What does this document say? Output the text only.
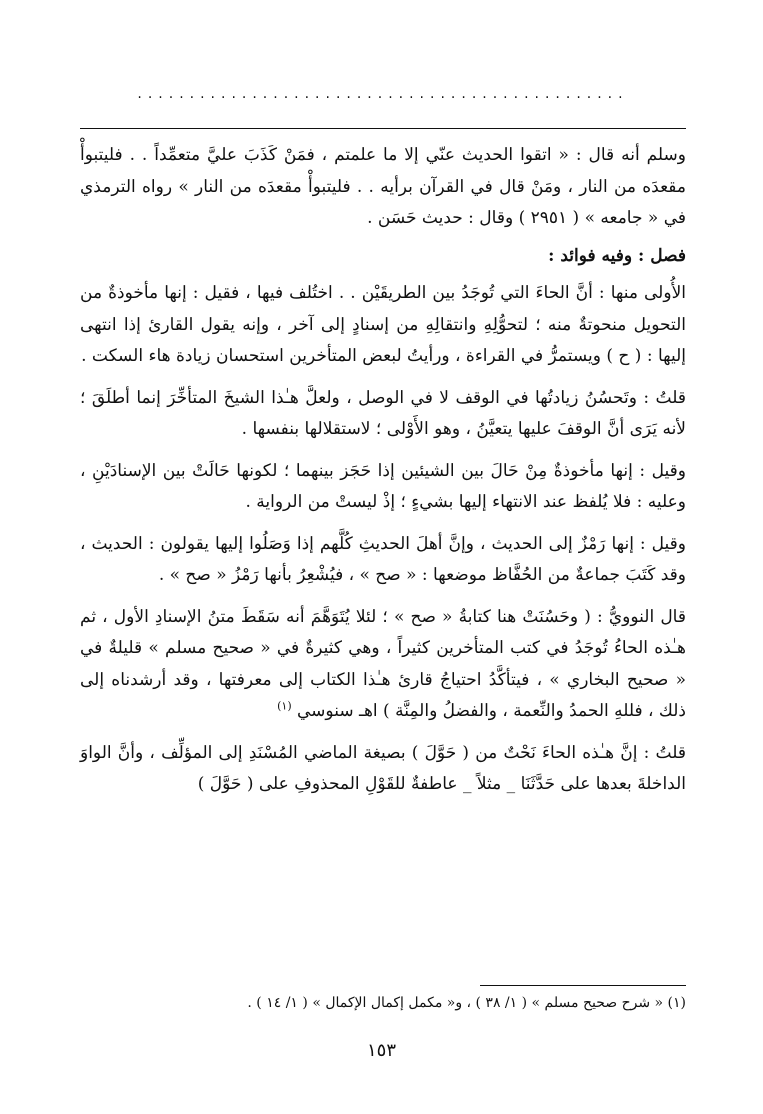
...............................................

وسلم أنه قال : « اتقوا الحديث عنّي إلا ما علمتم ، فمَنْ كَذَبَ عليَّ متعمِّداً . . فليتبوأْ مقعدَه من النار ، ومَنْ قال في القرآن برأيه . . فليتبوأْ مقعدَه من النار » رواه الترمذي في « جامعه » ( ٢٩٥١ ) وقال : حديث حَسَن .

فصل : وفيه فوائد :

الأُولى منها : أنَّ الحاءَ التي تُوجَدُ بين الطريقَيْن . . اختُلف فيها ، فقيل : إنها مأخوذةٌ من التحويل منحوتةٌ منه ؛ لتحوُّلِهِ وانتقالِهِ من إسنادٍ إلى آخر ، وإنه يقول القارئ إذا انتهى إليها : ( ح ) ويستمرُّ في القراءة ، ورأيتُ لبعض المتأخرين استحسان زيادة هاء السكت .

قلتُ : وتَحسُنُ زيادتُها في الوقف لا في الوصل ، ولعلَّ هـٰذا الشيخَ المتأخِّرَ إنما أطلَقَ ؛ لأنه يَرَى أنَّ الوقفَ عليها يتعيَّنُ ، وهو الأَوْلى ؛ لاستقلالها بنفسها .

وقيل : إنها مأخوذةٌ مِنْ حَالَ بين الشيئين إذا حَجَز بينهما ؛ لكونها حَالَتْ بين الإسنادَيْنِ ، وعليه : فلا يُلفظ عند الانتهاء إليها بشيءٍ ؛ إذْ ليستْ من الرواية .

وقيل : إنها رَمْزٌ إلى الحديث ، وإنَّ أهلَ الحديثِ كُلَّهم إذا وَصَلُوا إليها يقولون : الحديث ، وقد كَتَبَ جماعةٌ من الحُفَّاظ موضعها : « صح » ، فيُشْعِرُ بأنها رَمْزُ « صح » .

قال النوويُّ : ( وحَسُنَتْ هنا كتابةُ « صح » ؛ لئلا يُتَوَهَّمَ أنه سَقَطَ متنُ الإسنادِ الأول ، ثم هـٰذه الحاءُ تُوجَدُ في كتب المتأخرين كثيراً ، وهي كثيرةٌ في « صحيح مسلم » قليلةٌ في « صحيح البخاري » ، فيتأكَّدُ احتياجُ قارئ هـٰذا الكتاب إلى معرفتها ، وقد أرشدناه إلى ذلك ، فللهِ الحمدُ والنِّعمة ، والفضلُ والمِنَّة ) اهـ سنوسي $^{(١)}$

قلتُ : إنَّ هـٰذه الحاءَ نَحْتٌ من ( حَوَّلَ ) بصيغة الماضي المُسْنَدِ إلى المؤلِّف ، وأنَّ الواوَ الداخلةَ بعدها على حَدَّثَنَا _ مثلاً _ عاطفةٌ للقَوْلِ المحذوفِ على ( حَوَّلَ )

(١) « شرح صحيح مسلم » ( ١/ ٣٨ ) ، و« مكمل إكمال الإكمال » ( ١/ ١٤ ) .
١٥٣
